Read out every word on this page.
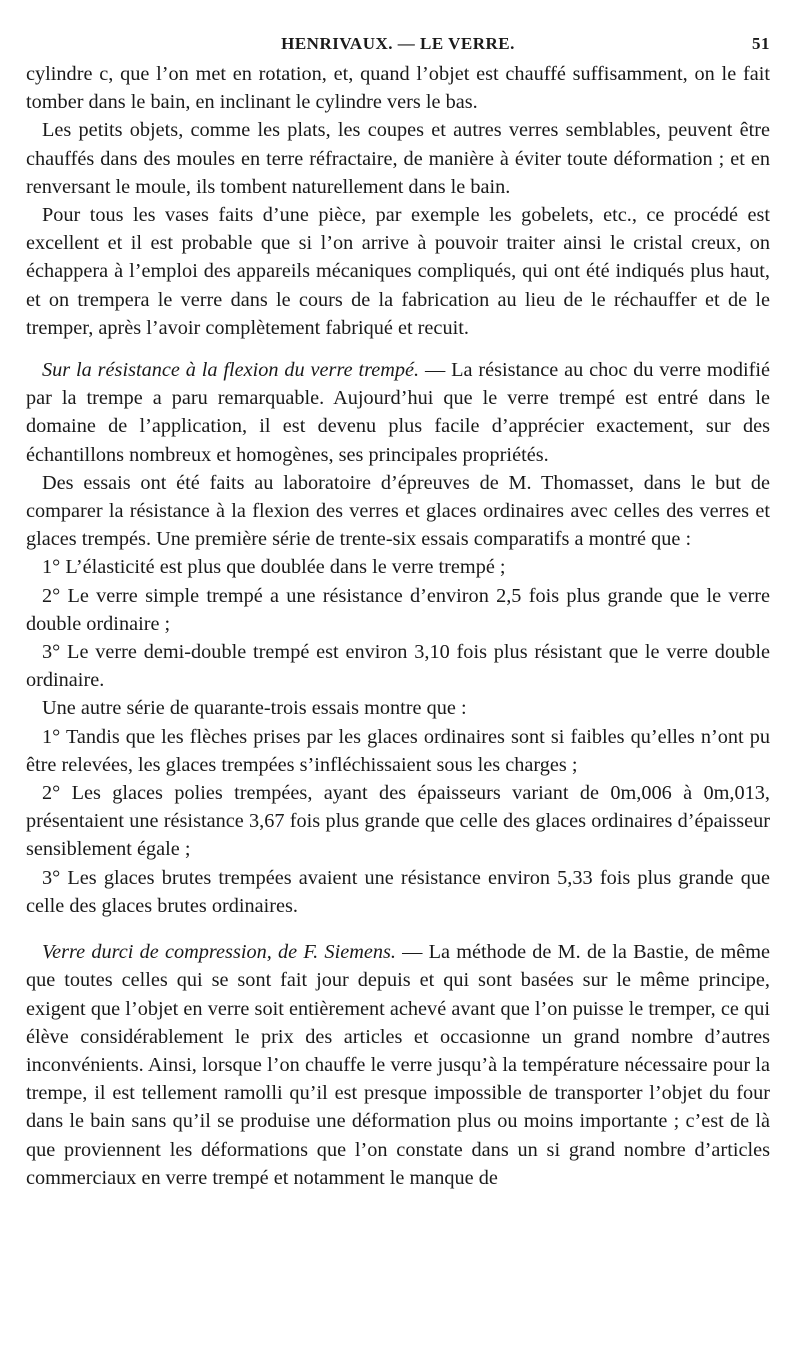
HENRIVAUX. — LE VERRE.	51

cylindre c, que l’on met en rotation, et, quand l’objet est chauffé suffisamment, on le fait tomber dans le bain, en inclinant le cylindre vers le bas.

Les petits objets, comme les plats, les coupes et autres verres semblables, peuvent être chauffés dans des moules en terre réfractaire, de manière à éviter toute déformation ; et en renversant le moule, ils tombent naturellement dans le bain.

Pour tous les vases faits d’une pièce, par exemple les gobelets, etc., ce procédé est excellent et il est probable que si l’on arrive à pouvoir traiter ainsi le cristal creux, on échappera à l’emploi des appareils mécaniques compliqués, qui ont été indiqués plus haut, et on trempera le verre dans le cours de la fabrication au lieu de le réchauffer et de le tremper, après l’avoir complètement fabriqué et recuit.

Sur la résistance à la flexion du verre trempé. — La résistance au choc du verre modifié par la trempe a paru remarquable. Aujourd’hui que le verre trempé est entré dans le domaine de l’application, il est devenu plus facile d’apprécier exactement, sur des échantillons nombreux et homogènes, ses principales propriétés.

Des essais ont été faits au laboratoire d’épreuves de M. Thomasset, dans le but de comparer la résistance à la flexion des verres et glaces ordinaires avec celles des verres et glaces trempés. Une première série de trente-six essais comparatifs a montré que :

1° L’élasticité est plus que doublée dans le verre trempé ;

2° Le verre simple trempé a une résistance d’environ 2,5 fois plus grande que le verre double ordinaire ;

3° Le verre demi-double trempé est environ 3,10 fois plus résistant que le verre double ordinaire.

Une autre série de quarante-trois essais montre que :

1° Tandis que les flèches prises par les glaces ordinaires sont si faibles qu’elles n’ont pu être relevées, les glaces trempées s’infléchissaient sous les charges ;

2° Les glaces polies trempées, ayant des épaisseurs variant de 0m,006 à 0m,013, présentaient une résistance 3,67 fois plus grande que celle des glaces ordinaires d’épaisseur sensiblement égale ;

3° Les glaces brutes trempées avaient une résistance environ 5,33 fois plus grande que celle des glaces brutes ordinaires.

Verre durci de compression, de F. Siemens. — La méthode de M. de la Bastie, de même que toutes celles qui se sont fait jour depuis et qui sont basées sur le même principe, exigent que l’objet en verre soit entièrement achevé avant que l’on puisse le tremper, ce qui élève considérablement le prix des articles et occasionne un grand nombre d’autres inconvénients. Ainsi, lorsque l’on chauffe le verre jusqu’à la température nécessaire pour la trempe, il est tellement ramolli qu’il est presque impossible de transporter l’objet du four dans le bain sans qu’il se produise une déformation plus ou moins importante ; c’est de là que proviennent les déformations que l’on constate dans un si grand nombre d’articles commerciaux en verre trempé et notamment le manque de
